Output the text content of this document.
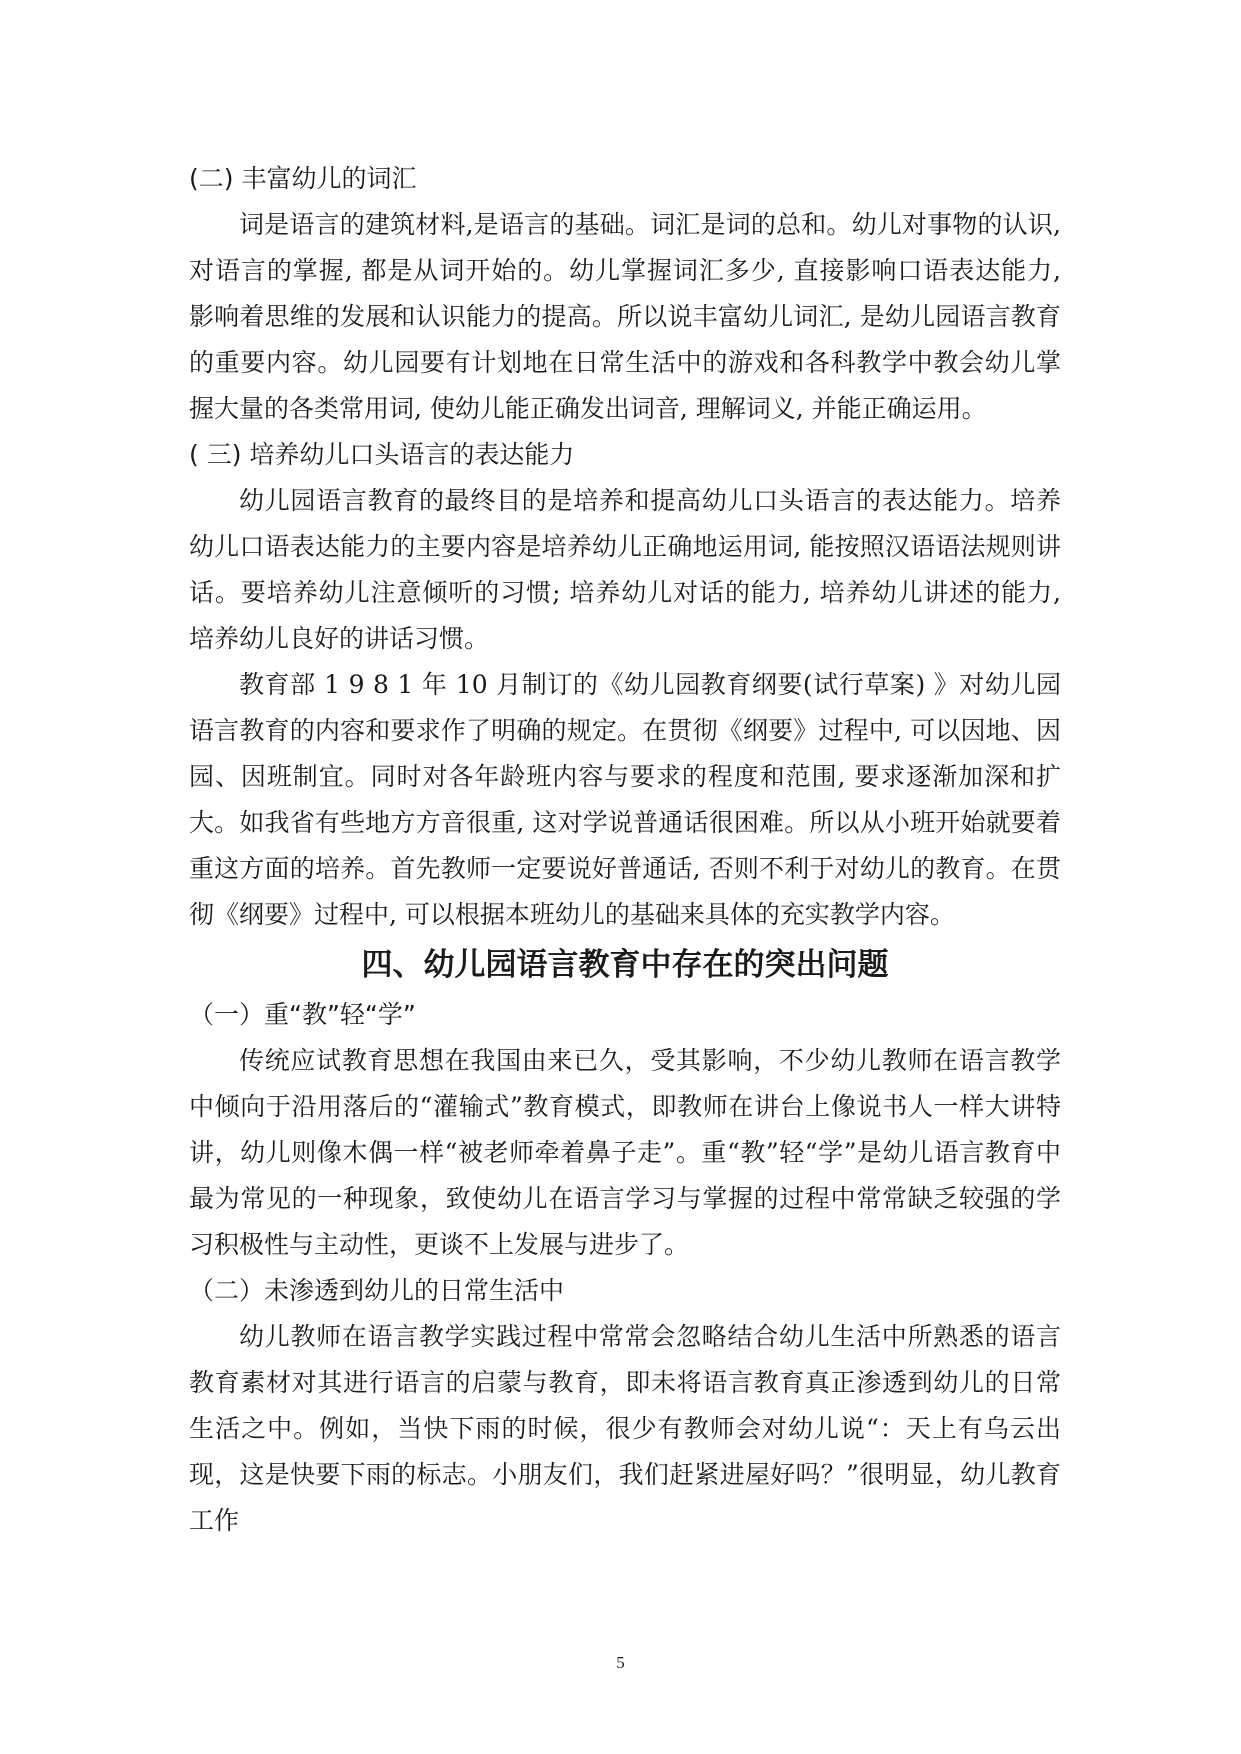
(二) 丰富幼儿的词汇

词是语言的建筑材料,是语言的基础。词汇是词的总和。幼儿对事物的认识, 对语言的掌握, 都是从词开始的。幼儿掌握词汇多少, 直接影响口语表达能力, 影响着思维的发展和认识能力的提高。所以说丰富幼儿词汇, 是幼儿园语言教育的重要内容。幼儿园要有计划地在日常生活中的游戏和各科教学中教会幼儿掌握大量的各类常用词, 使幼儿能正确发出词音, 理解词义, 并能正确运用。

( 三) 培养幼儿口头语言的表达能力

幼儿园语言教育的最终目的是培养和提高幼儿口头语言的表达能力。培养幼儿口语表达能力的主要内容是培养幼儿正确地运用词, 能按照汉语语法规则讲话。要培养幼儿注意倾听的习惯; 培养幼儿对话的能力, 培养幼儿讲述的能力, 培养幼儿良好的讲话习惯。

教育部 1 9 8 1 年 10 月制订的《幼儿园教育纲要(试行草案) 》对幼儿园语言教育的内容和要求作了明确的规定。在贯彻《纲要》过程中, 可以因地、因园、因班制宜。同时对各年龄班内容与要求的程度和范围, 要求逐渐加深和扩大。如我省有些地方方音很重, 这对学说普通话很困难。所以从小班开始就要着重这方面的培养。首先教师一定要说好普通话, 否则不利于对幼儿的教育。在贯彻《纲要》过程中, 可以根据本班幼儿的基础来具体的充实教学内容。

四、幼儿园语言教育中存在的突出问题

（一）重“教”轻“学”

传统应试教育思想在我国由来已久，受其影响，不少幼儿教师在语言教学中倾向于沿用落后的“灌输式”教育模式，即教师在讲台上像说书人一样大讲特讲，幼儿则像木偶一样“被老师牵着鼻子走”。重“教”轻“学”是幼儿语言教育中最为常见的一种现象，致使幼儿在语言学习与掌握的过程中常常缺乏较强的学习积极性与主动性，更谈不上发展与进步了。

（二）未渗透到幼儿的日常生活中

幼儿教师在语言教学实践过程中常常会忽略结合幼儿生活中所熟悉的语言教育素材对其进行语言的启蒙与教育，即未将语言教育真正渗透到幼儿的日常生活之中。例如，当快下雨的时候，很少有教师会对幼儿说“：天上有乌云出现，这是快要下雨的标志。小朋友们，我们赶紧进屋好吗？”很明显，幼儿教育工作

5
